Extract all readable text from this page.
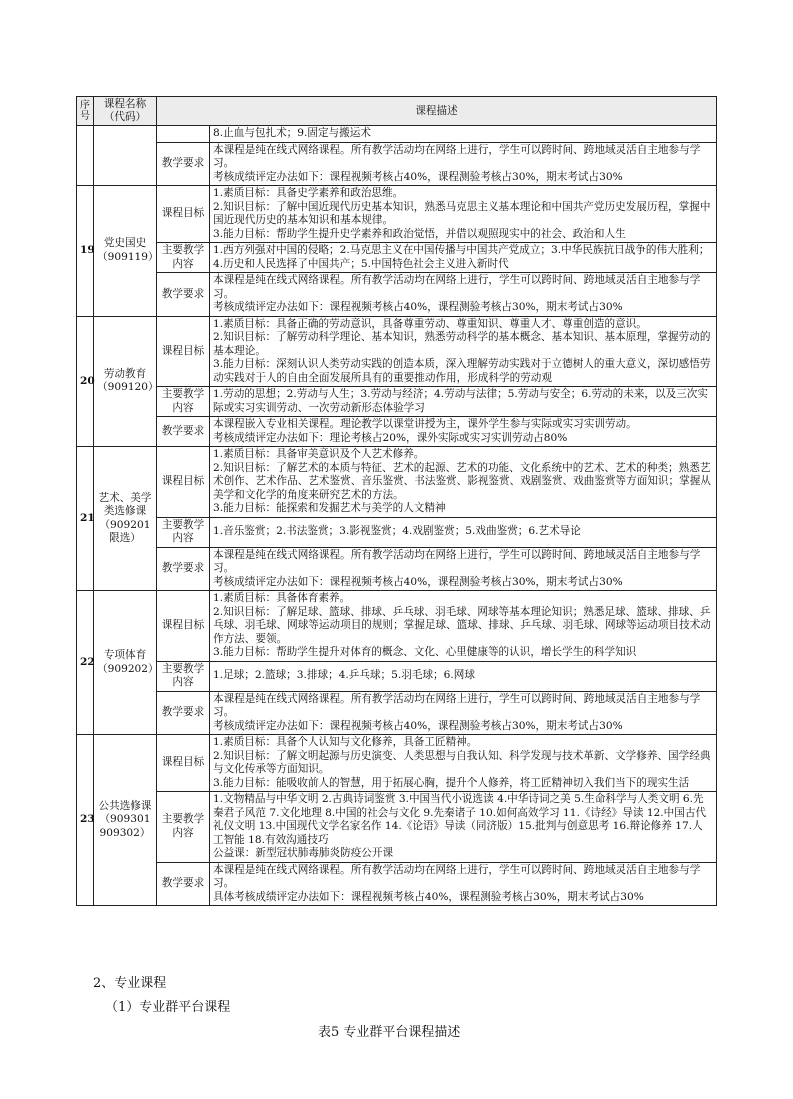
序号	课程名称（代码）	课程描述	
			8.止血与包扎术；9.固定与搬运术
		教学要求	本课程是纯在线式网络课程。所有教学活动均在网络上进行，学生可以跨时间、跨地域灵活自主地参与学习。
考核成绩评定办法如下：课程视频考核占40%，课程测验考核占30%，期末考试占30%

19	党史国史（909119）	课程目标	1.素质目标：具备史学素养和政治思维。
2.知识目标：了解中国近现代历史基本知识，熟悉马克思主义基本理论和中国共产党历史发展历程，掌握中国近现代历史的基本知识和基本规律。
3.能力目标：帮助学生提升史学素养和政治觉悟，并借以观照现实中的社会、政治和人生

		主要教学内容	1.西方列强对中国的侵略；2.马克思主义在中国传播与中国共产党成立；3.中华民族抗日战争的伟大胜利；4.历史和人民选择了中国共产；5.中国特色社会主义进入新时代

		教学要求	本课程是纯在线式网络课程。所有教学活动均在网络上进行，学生可以跨时间、跨地域灵活自主地参与学习。
考核成绩评定办法如下：课程视频考核占40%，课程测验考核占30%，期末考试占30%

20	劳动教育（909120）	课程目标	1.素质目标：具备正确的劳动意识，具备尊重劳动、尊重知识、尊重人才、尊重创造的意识。
2.知识目标：了解劳动科学理论、基本知识，熟悉劳动科学的基本概念、基本知识、基本原理，掌握劳动的基本理论。
3.能力目标：深刻认识人类劳动实践的创造本质，深入理解劳动实践对于立德树人的重大意义，深切感悟劳动实践对于人的自由全面发展所具有的重要推动作用，形成科学的劳动观

		主要教学内容	1.劳动的思想；2.劳动与人生；3.劳动与经济；4.劳动与法律；5.劳动与安全；6.劳动的未来，以及三次实际或实习实训劳动、一次劳动新形态体验学习

		教学要求	本课程嵌入专业相关课程。理论教学以课堂讲授为主，课外学生参与实际或实习实训劳动。
考核成绩评定办法如下：理论考核占20%，课外实际或实习实训劳动占80%

21	艺术、美学类选修课（909201限选）	课程目标	1.素质目标：具备审美意识及个人艺术修养。
2.知识目标：了解艺术的本质与特征、艺术的起源、艺术的功能、文化系统中的艺术、艺术的种类；熟悉艺术创作、艺术作品、艺术鉴赏、音乐鉴赏、书法鉴赏、影视鉴赏、戏剧鉴赏、戏曲鉴赏等方面知识；掌握从美学和文化学的角度来研究艺术的方法。
3.能力目标：能探索和发掘艺术与美学的人文精神

		主要教学内容	1.音乐鉴赏；2.书法鉴赏；3.影视鉴赏；4.戏剧鉴赏；5.戏曲鉴赏；6.艺术导论

		教学要求	本课程是纯在线式网络课程。所有教学活动均在网络上进行，学生可以跨时间、跨地域灵活自主地参与学习。
考核成绩评定办法如下：课程视频考核占40%，课程测验考核占30%，期末考试占30%

22	专项体育（909202）	课程目标	1.素质目标：具备体育素养。
2.知识目标：了解足球、篮球、排球、乒乓球、羽毛球、网球等基本理论知识；熟悉足球、篮球、排球、乒乓球、羽毛球、网球等运动项目的规则；掌握足球、篮球、排球、乒乓球、羽毛球、网球等运动项目技术动作方法、要领。
3.能力目标：帮助学生提升对体育的概念、文化、心里健康等的认识，增长学生的科学知识

		主要教学内容	1.足球；2.篮球；3.排球；4.乒乓球；5.羽毛球；6.网球

		教学要求	本课程是纯在线式网络课程。所有教学活动均在网络上进行，学生可以跨时间、跨地域灵活自主地参与学习。
考核成绩评定办法如下：课程视频考核占40%，课程测验考核占30%，期末考试占30%

23	公共选修课（909301 909302）	课程目标	1.素质目标：具备个人认知与文化修养，具备工匠精神。
2.知识目标：了解文明起源与历史演变、人类思想与自我认知、科学发现与技术革新、文学修养、国学经典与文化传承等方面知识。
3.能力目标：能吸收前人的智慧，用于拓展心胸，提升个人修养，将工匠精神切入我们当下的现实生活

		主要教学内容	1.文物精品与中华文明 2.古典诗词鉴赏 3.中国当代小说选读 4.中华诗词之美 5.生命科学与人类文明 6.先秦君子风范 7.文化地理 8.中国的社会与文化 9.先秦诸子 10.如何高效学习 11.《诗经》导读 12.中国古代礼仪文明 13.中国现代文学名家名作 14.《论语》导读（同济版）15.批判与创意思考 16.辩论修养 17.人工智能 18.有效沟通技巧
公益课：新型冠状肺毒肺炎防疫公开课

		教学要求	本课程是纯在线式网络课程。所有教学活动均在网络上进行，学生可以跨时间、跨地域灵活自主地参与学习。
具体考核成绩评定办法如下：课程视频考核占40%，课程测验考核占30%，期末考试占30%
2、专业课程
（1）专业群平台课程
表5 专业群平台课程描述
